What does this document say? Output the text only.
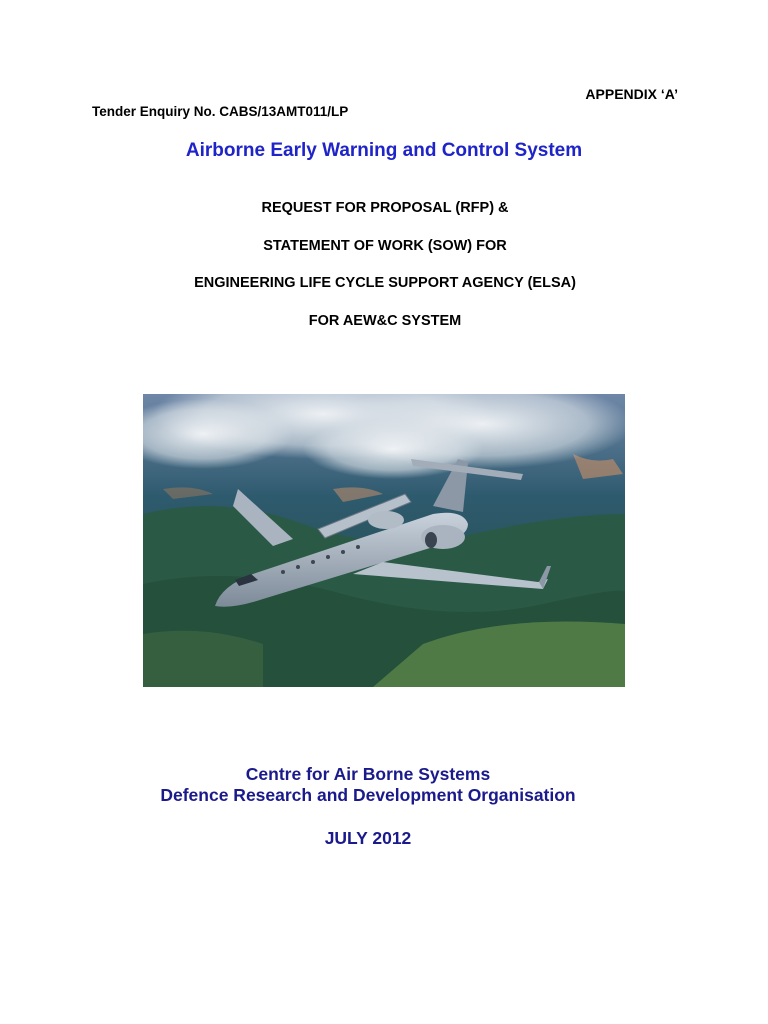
APPENDIX ‘A’
Tender Enquiry No. CABS/13AMT011/LP
Airborne Early Warning and Control System
REQUEST FOR PROPOSAL (RFP) &
STATEMENT OF WORK (SOW) FOR
ENGINEERING LIFE CYCLE SUPPORT AGENCY (ELSA)
FOR AEW&C SYSTEM
Centre for Air Borne Systems
Defence Research and Development Organisation
JULY 2012
